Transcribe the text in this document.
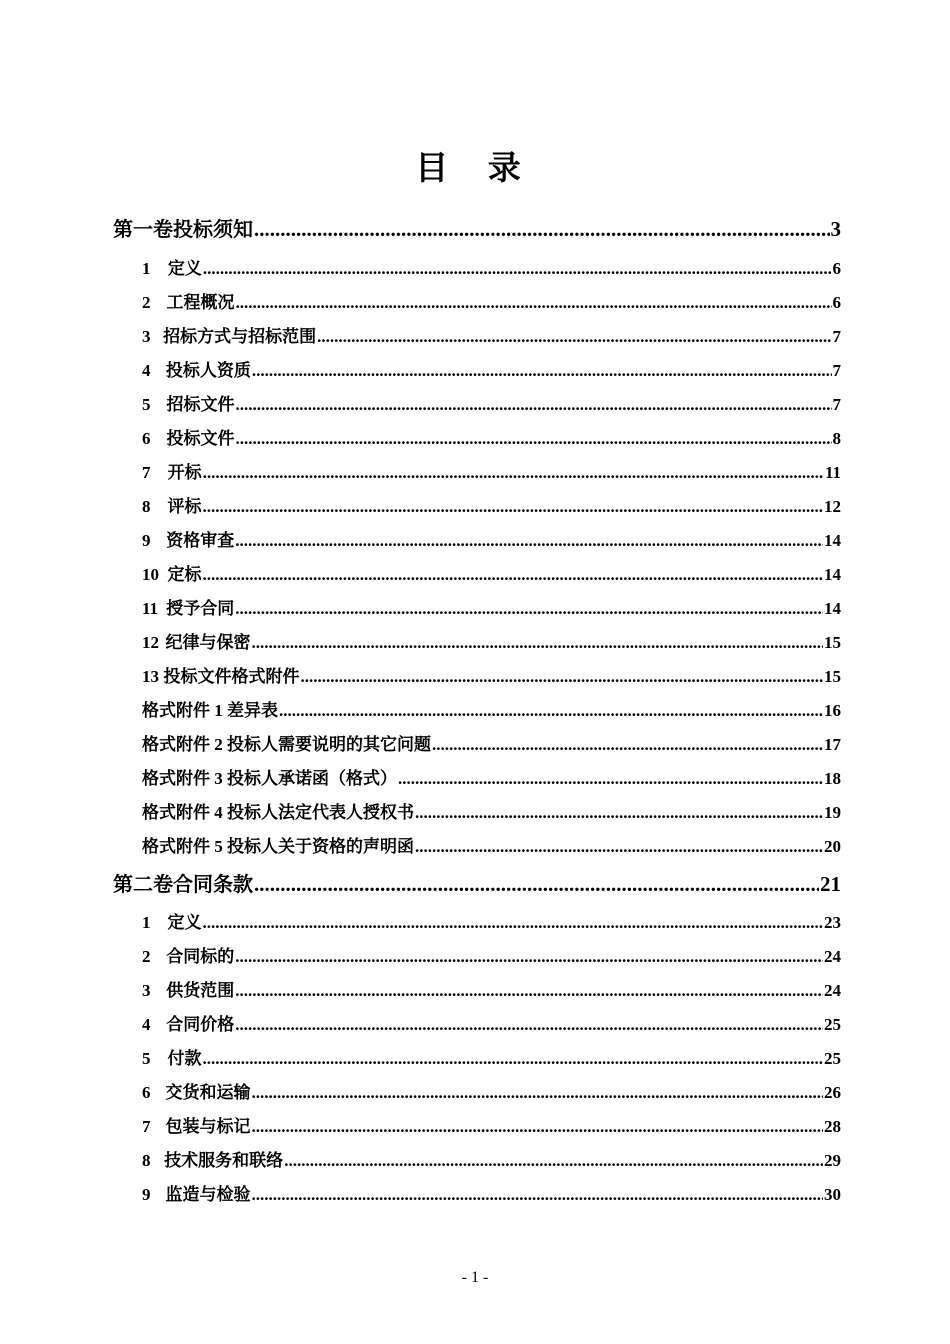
目 录
第一卷 投标须知 .....	3
1	定义 .....	6
2 工程概况 .....	6
3 招标方式与招标范围 .....	7
4 投标人资质 .....	7
5 招标文件 .....	7
6 投标文件 .....	8
7	开标 .....	11
8	评标 .....	12
9 资格审查 .....	14
10 定标 .....	14
11 授予合同 .....	14
12 纪律与保密 .....	15
13 投标文件格式附件 .....	15
格式附件 1 差异表 .....	16
格式附件 2 投标人需要说明的其它问题 .....	17
格式附件 3 投标人承诺函（格式） .....	18
格式附件 4 投标人法定代表人授权书 .....	19
格式附件 5 投标人关于资格的声明函 .....	20
第二卷 合同条款 .....	21
1	定义 .....	23
2 合同标的 .....	24
3 供货范围 .....	24
4 合同价格 .....	25
5	付款 .....	25
6 交货和运输 .....	26
7 包装与标记 .....	28
8 技术服务和联络 .....	29
9 监造与检验 .....	30
- 1 -
